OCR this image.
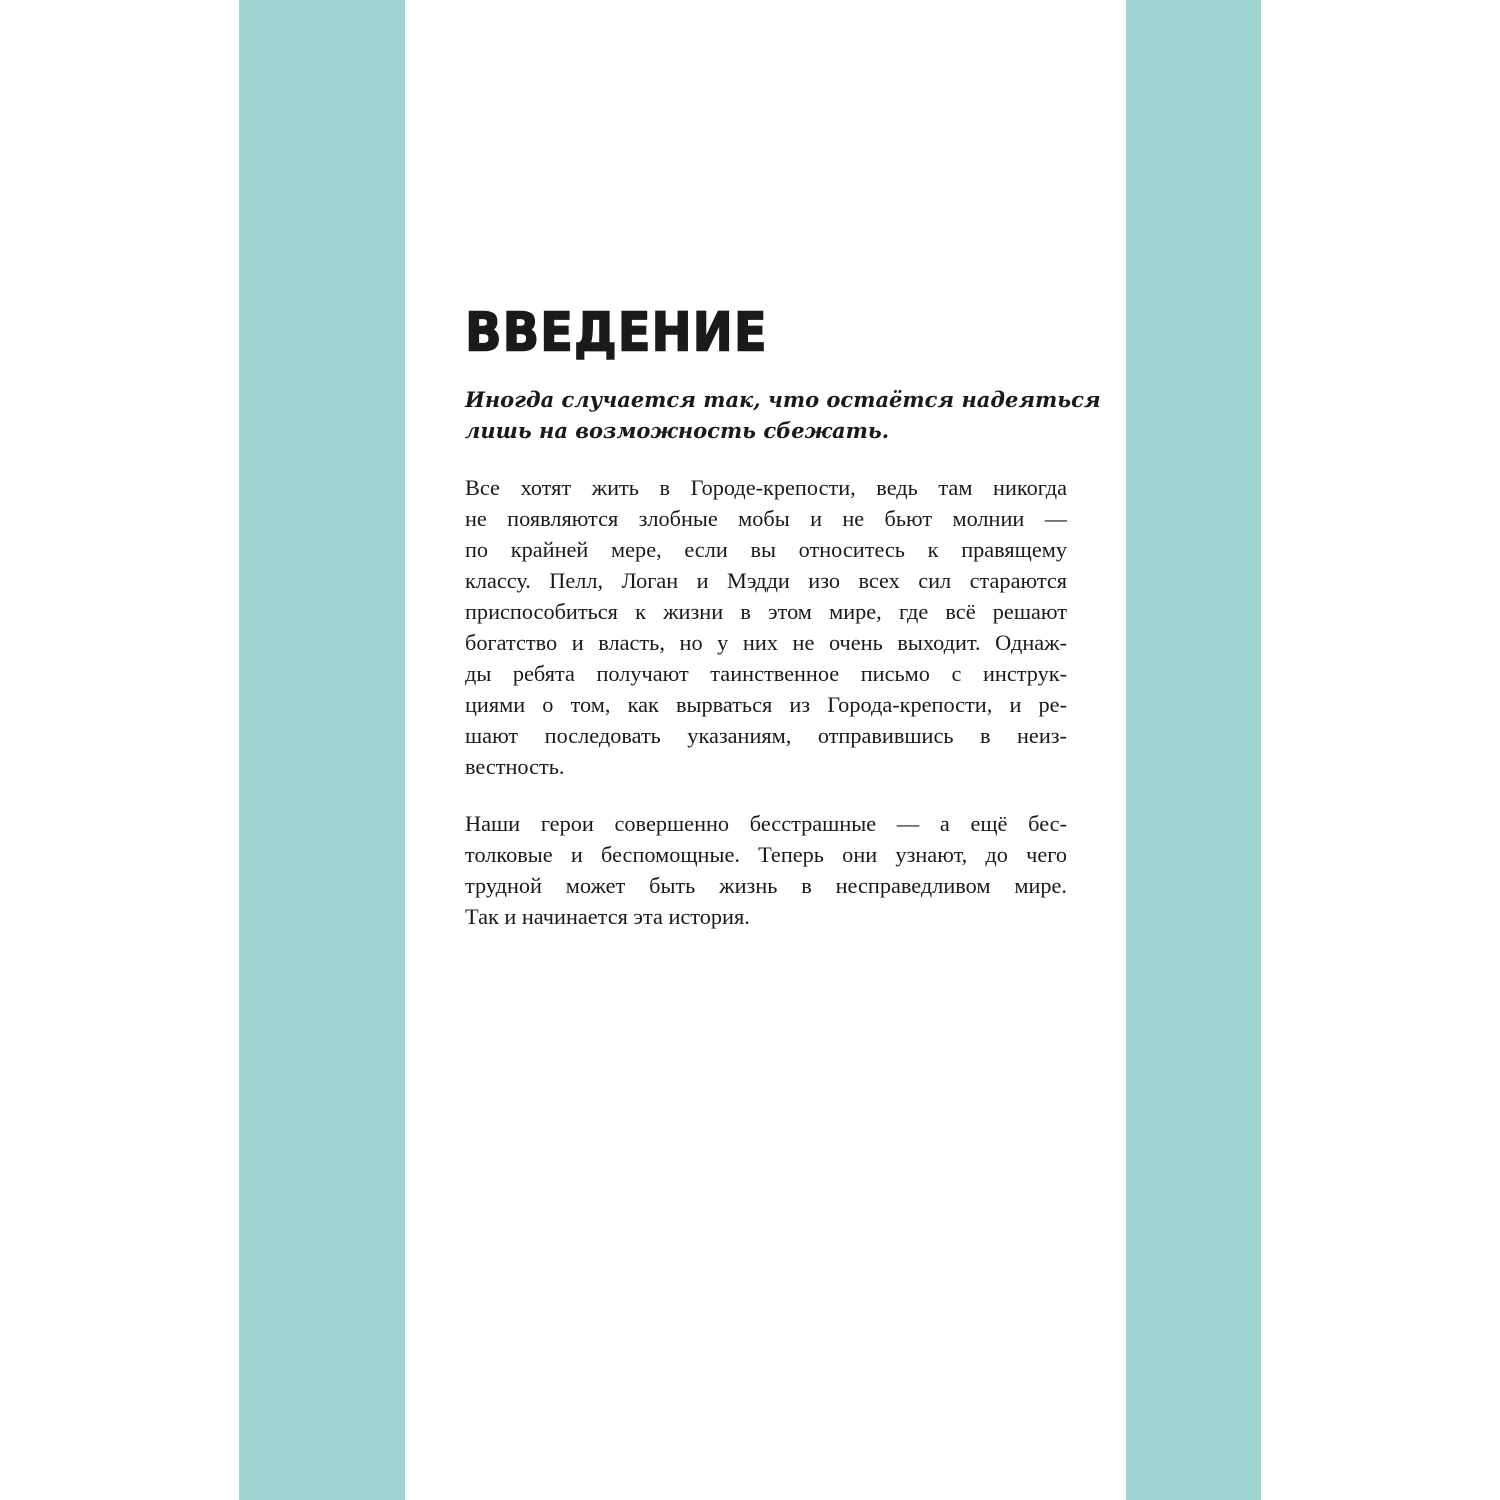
ВВЕДЕНИЕ

Иногда случается так, что остаётся надеяться
лишь на возможность сбежать.

Все хотят жить в Городе-крепости, ведь там никогда
не появляются злобные мобы и не бьют молнии —
по крайней мере, если вы относитесь к правящему
классу. Пелл, Логан и Мэдди изо всех сил стараются
приспособиться к жизни в этом мире, где всё решают
богатство и власть, но у них не очень выходит. Однаж-
ды ребята получают таинственное письмо с инструк-
циями о том, как вырваться из Города-крепости, и ре-
шают последовать указаниям, отправившись в неиз-
вестность.

Наши герои совершенно бесстрашные — а ещё бес-
толковые и беспомощные. Теперь они узнают, до чего
трудной может быть жизнь в несправедливом мире.
Так и начинается эта история.
